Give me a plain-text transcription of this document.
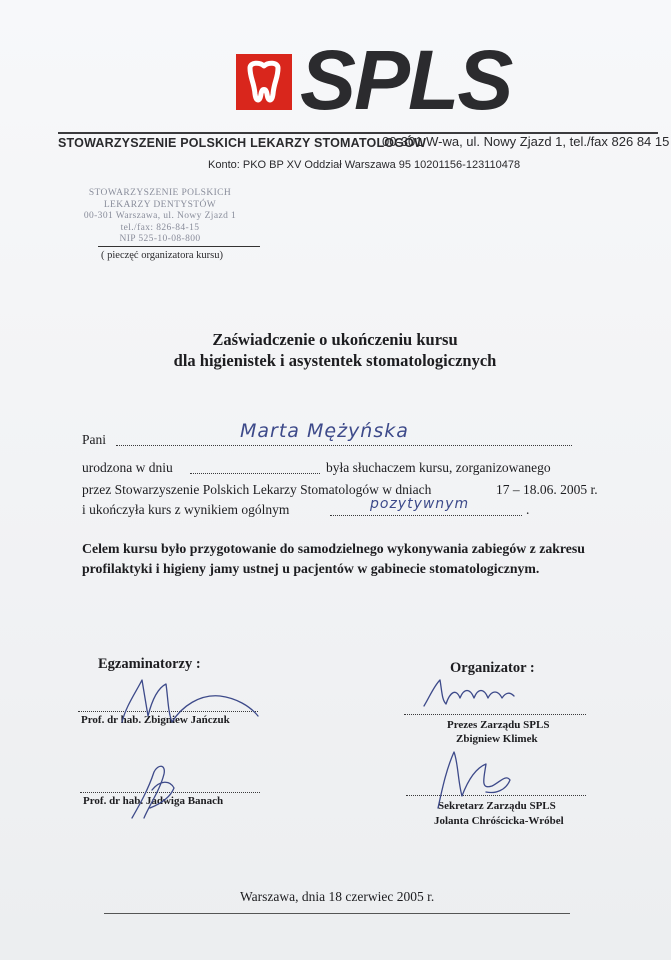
SPLS
STOWARZYSZENIE POLSKICH LEKARZY STOMATOLOGÓW
00-301 W-wa, ul. Nowy Zjazd 1, tel./fax 826 84 15
Konto: PKO BP XV Oddział Warszawa 95 10201156-123110478
STOWARZYSZENIE POLSKICH
LEKARZY DENTYSTÓW
00-301 Warszawa, ul. Nowy Zjazd 1
tel./fax: 826-84-15
NIP 525-10-08-800
( pieczęć organizatora kursu)
Zaświadczenie o ukończeniu kursu
dla higienistek i asystentek stomatologicznych
Pani	Marta Mężyńska
urodzona w dniu	była słuchaczem kursu, zorganizowanego
przez Stowarzyszenie Polskich Lekarzy Stomatologów w dniach	17 – 18.06. 2005 r.
i ukończyła kurs z wynikiem ogólnym	.
pozytywnym
Celem kursu było przygotowanie do samodzielnego wykonywania zabiegów z zakresu profilaktyki i higieny jamy ustnej u pacjentów w gabinecie stomatologicznym.
Egzaminatorzy :
Prof. dr hab. Zbigniew Jańczuk
Prof. dr hab. Jadwiga Banach
Organizator :
Prezes Zarządu SPLS
Zbigniew Klimek
Sekretarz Zarządu SPLS
Jolanta Chróścicka-Wróbel
Warszawa, dnia 18 czerwiec 2005 r.
